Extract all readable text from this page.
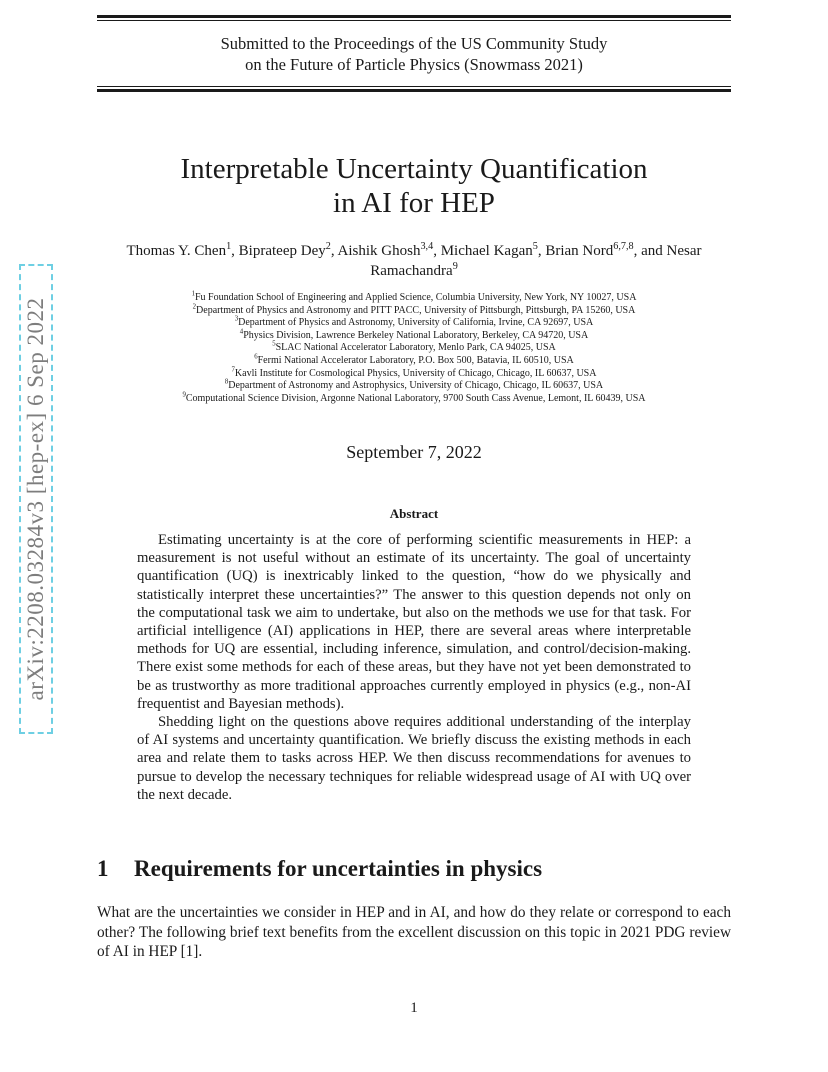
Submitted to the Proceedings of the US Community Study
on the Future of Particle Physics (Snowmass 2021)
Interpretable Uncertainty Quantification
in AI for HEP
Thomas Y. Chen$^1$, Biprateep Dey$^2$, Aishik Ghosh$^{3,4}$, Michael Kagan$^5$, Brian Nord$^{6,7,8}$, and Nesar Ramachandra$^9$
$^1$Fu Foundation School of Engineering and Applied Science, Columbia University, New York, NY 10027, USA
$^2$Department of Physics and Astronomy and PITT PACC, University of Pittsburgh, Pittsburgh, PA 15260, USA
$^3$Department of Physics and Astronomy, University of California, Irvine, CA 92697, USA
$^4$Physics Division, Lawrence Berkeley National Laboratory, Berkeley, CA 94720, USA
$^5$SLAC National Accelerator Laboratory, Menlo Park, CA 94025, USA
$^6$Fermi National Accelerator Laboratory, P.O. Box 500, Batavia, IL 60510, USA
$^7$Kavli Institute for Cosmological Physics, University of Chicago, Chicago, IL 60637, USA
$^8$Department of Astronomy and Astrophysics, University of Chicago, Chicago, IL 60637, USA
$^9$Computational Science Division, Argonne National Laboratory, 9700 South Cass Avenue, Lemont, IL 60439, USA
September 7, 2022
Abstract

Estimating uncertainty is at the core of performing scientific measurements in HEP: a measurement is not useful without an estimate of its uncertainty. The goal of uncertainty quantification (UQ) is inextricably linked to the question, “how do we physically and statistically interpret these uncertainties?” The answer to this question depends not only on the computational task we aim to undertake, but also on the methods we use for that task. For artificial intelligence (AI) applications in HEP, there are several areas where interpretable methods for UQ are essential, including inference, simulation, and control/decision-making. There exist some methods for each of these areas, but they have not yet been demonstrated to be as trustworthy as more traditional approaches currently employed in physics (e.g., non-AI frequentist and Bayesian methods).

Shedding light on the questions above requires additional understanding of the interplay of AI systems and uncertainty quantification. We briefly discuss the existing methods in each area and relate them to tasks across HEP. We then discuss recommendations for avenues to pursue to develop the necessary techniques for reliable widespread usage of AI with UQ over the next decade.

1 Requirements for uncertainties in physics

What are the uncertainties we consider in HEP and in AI, and how do they relate or correspond to each other? The following brief text benefits from the excellent discussion on this topic in 2021 PDG review of AI in HEP [1].

1
arXiv:2208.03284v3 [hep-ex] 6 Sep 2022
